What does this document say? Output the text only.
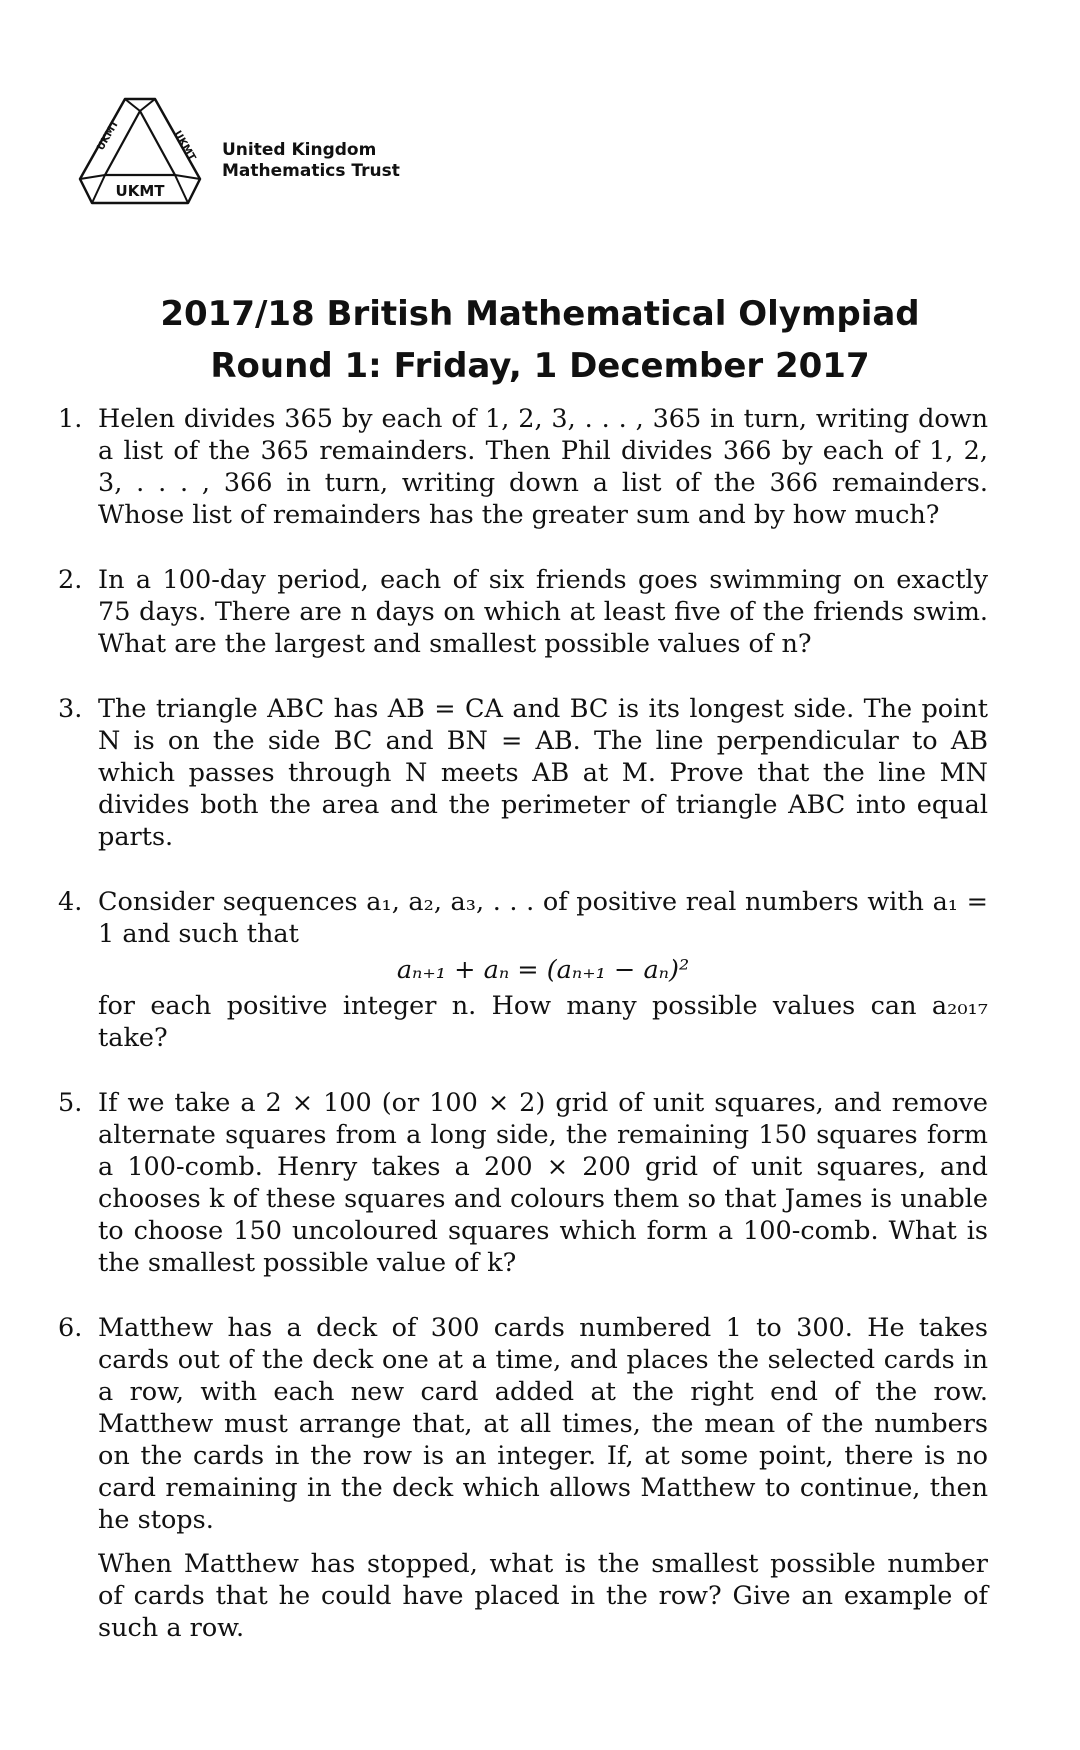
UKMT	UKMT
UKMT
United Kingdom
Mathematics Trust
2017/18 British Mathematical Olympiad
Round 1: Friday, 1 December 2017
1. Helen divides 365 by each of 1, 2, 3, . . . , 365 in turn, writing down a list of the 365 remainders. Then Phil divides 366 by each of 1, 2, 3, . . . , 366 in turn, writing down a list of the 366 remainders. Whose list of remainders has the greater sum and by how much?
2. In a 100-day period, each of six friends goes swimming on exactly 75 days. There are n days on which at least five of the friends swim. What are the largest and smallest possible values of n?
3. The triangle ABC has AB = CA and BC is its longest side. The point N is on the side BC and BN = AB. The line perpendicular to AB which passes through N meets AB at M. Prove that the line MN divides both the area and the perimeter of triangle ABC into equal parts.
4. Consider sequences a₁, a₂, a₃, . . . of positive real numbers with a₁ = 1 and such that
aₙ₊₁ + aₙ = (aₙ₊₁ − aₙ)²
for each positive integer n. How many possible values can a₂₀₁₇ take?
5. If we take a 2 × 100 (or 100 × 2) grid of unit squares, and remove alternate squares from a long side, the remaining 150 squares form a 100-comb. Henry takes a 200 × 200 grid of unit squares, and chooses k of these squares and colours them so that James is unable to choose 150 uncoloured squares which form a 100-comb. What is the smallest possible value of k?
6. Matthew has a deck of 300 cards numbered 1 to 300. He takes cards out of the deck one at a time, and places the selected cards in a row, with each new card added at the right end of the row. Matthew must arrange that, at all times, the mean of the numbers on the cards in the row is an integer. If, at some point, there is no card remaining in the deck which allows Matthew to continue, then he stops.
When Matthew has stopped, what is the smallest possible number of cards that he could have placed in the row? Give an example of such a row.
